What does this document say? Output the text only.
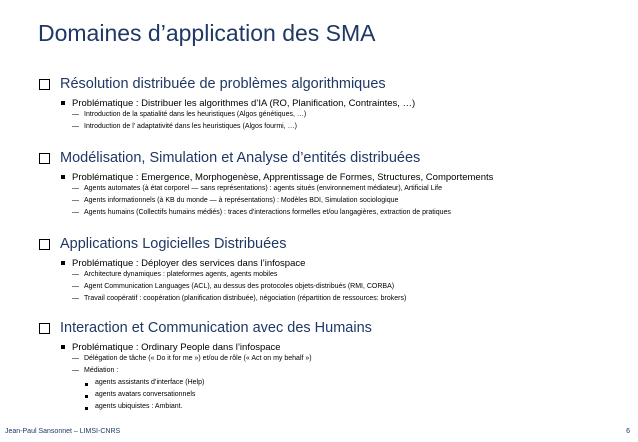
Domaines d’application des SMA
Résolution distribuée de problèmes algorithmiques
Problématique : Distribuer les algorithmes d’IA (RO, Planification, Contraintes, …)
— Introduction de la spatialité dans les heuristiques (Algos génétiques, …)
— Introduction de l’ adaptativité dans les heuristiques (Algos fourmi, …)
Modélisation, Simulation et Analyse d’entités distribuées
Problématique : Emergence, Morphogenèse, Apprentissage de Formes, Structures, Comportements
— Agents automates (à état corporel — sans représentations) : agents situés (environnement médiateur), Artificial Life
— Agents informationnels (à KB du monde — à représentations) : Modèles BDI, Simulation sociologique
— Agents humains (Collectifs humains médiés) : traces d’interactions formelles et/ou langagières, extraction de pratiques
Applications Logicielles Distribuées
Problématique : Déployer des services dans l’infospace
— Architecture dynamiques : plateformes agents, agents mobiles
— Agent Communication Languages (ACL), au dessus des protocoles objets-distribués (RMI, CORBA)
— Travail coopératif : coopération (planification distribuée), négociation (répartition de ressources: brokers)
Interaction et Communication avec des Humains
Problématique : Ordinary People dans l’infospace
— Délégation de tâche (« Do it for me ») et/ou de rôle (« Act on my behalf »)
— Médiation :
agents assistants d’interface (Help)
agents avatars conversationnels
agents ubiquistes : Ambiant.
Jean-Paul Sansonnet – LIMSI-CNRS	6
